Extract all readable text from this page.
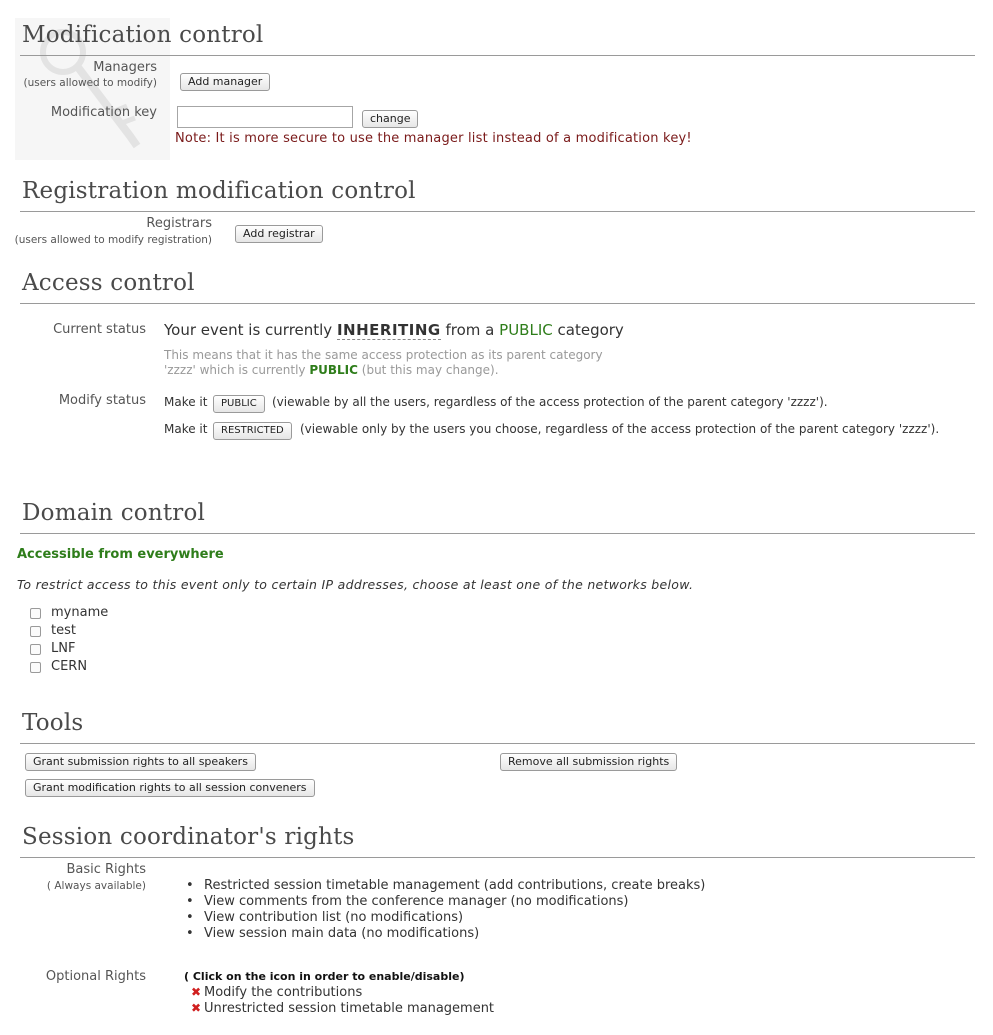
Modification control
Managers
(users allowed to modify)	Add manager
Modification key	change
Note: It is more secure to use the manager list instead of a modification key!
Registration modification control
Registrars
(users allowed to modify registration)	Add registrar
Access control
Current status Your event is currently INHERITING from a PUBLIC category
This means that it has the same access protection as its parent category
'zzzz' which is currently PUBLIC (but this may change).
Modify status Make it	PUBLIC	(viewable by all the users, regardless of the access protection of the parent category 'zzzz').
Make it	RESTRICTED	(viewable only by the users you choose, regardless of the access protection of the parent category 'zzzz').
Domain control
Accessible from everywhere
To restrict access to this event only to certain IP addresses, choose at least one of the networks below.
myname
test
LNF
CERN
Tools
Grant submission rights to all speakers	Remove all submission rights
Grant modification rights to all session conveners
Session coordinator's rights
Basic Rights
( Always available)	• Restricted session timetable management (add contributions, create breaks)
• View comments from the conference manager (no modifications)
• View contribution list (no modifications)
• View session main data (no modifications)
Optional Rights	( Click on the icon in order to enable/disable)
✖ Modify the contributions
✖ Unrestricted session timetable management
